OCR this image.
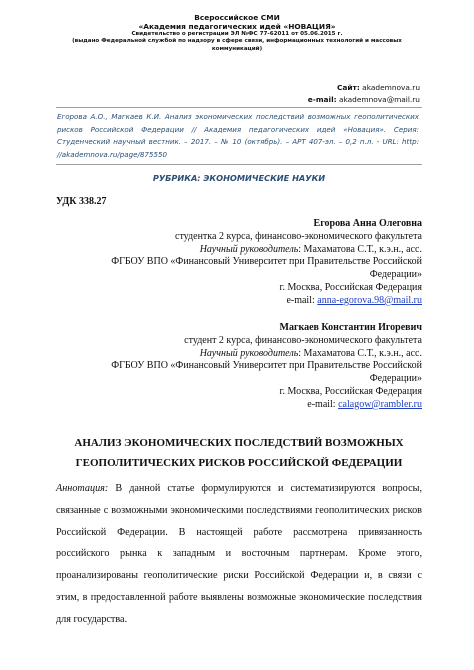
Всероссийское СМИ
«Академия педагогических идей «НОВАЦИЯ»
Свидетельство о регистрации ЭЛ №ФС 77-62011 от 05.06.2015 г.
(выдано Федеральной службой по надзору в сфере связи, информационных технологий и массовых коммуникаций)
Сайт: akademnova.ru
e-mail: akademnova@mail.ru
Егорова А.О., Магкаев К.И. Анализ экономических последствий возможных геополитических рисков Российской Федерации // Академия педагогических идей «Новация». Серия: Студенческий научный вестник. – 2017. – № 10 (октябрь). – АРТ 407-эл. – 0,2 п.л. - URL: http: //akademnova.ru/page/875550
РУБРИКА: ЭКОНОМИЧЕСКИЕ НАУКИ
УДК 338.27
Егорова Анна Олеговна
студентка 2 курса, финансово-экономического факультета
Научный руководитель: Махаматова С.Т., к.э.н., асс.
ФГБОУ ВПО «Финансовый Университет при Правительстве Российской Федерации»
г. Москва, Российская Федерация
e-mail: anna-egorova.98@mail.ru
Магкаев Константин Игоревич
студент 2 курса, финансово-экономического факультета
Научный руководитель: Махаматова С.Т., к.э.н., асс.
ФГБОУ ВПО «Финансовый Университет при Правительстве Российской Федерации»
г. Москва, Российская Федерация
e-mail: calagow@rambler.ru
АНАЛИЗ ЭКОНОМИЧЕСКИХ ПОСЛЕДСТВИЙ ВОЗМОЖНЫХ ГЕОПОЛИТИЧЕСКИХ РИСКОВ РОССИЙСКОЙ ФЕДЕРАЦИИ
Аннотация: В данной статье формулируются и систематизируются вопросы, связанные с возможными экономическими последствиями геополитических рисков Российской Федерации. В настоящей работе рассмотрена привязанность российского рынка к западным и восточным партнерам. Кроме этого, проанализированы геополитические риски Российской Федерации и, в связи с этим, в предоставленной работе выявлены возможные экономические последствия для государства.
